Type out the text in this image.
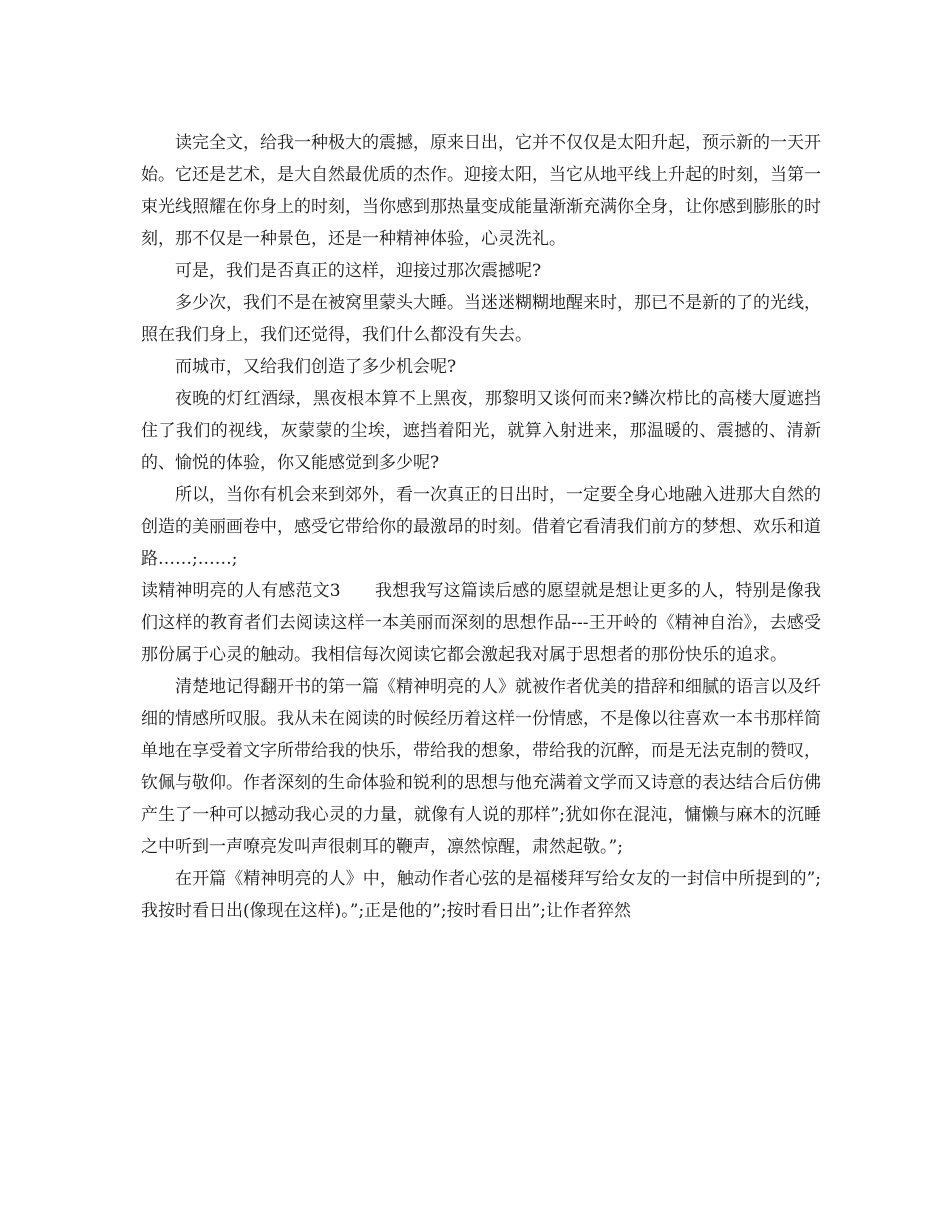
读完全文，给我一种极大的震撼，原来日出，它并不仅仅是太阳升起，预示新的一天开始。它还是艺术，是大自然最优质的杰作。迎接太阳，当它从地平线上升起的时刻，当第一束光线照耀在你身上的时刻，当你感到那热量变成能量渐渐充满你全身，让你感到膨胀的时刻，那不仅是一种景色，还是一种精神体验，心灵洗礼。

可是，我们是否真正的这样，迎接过那次震撼呢?

多少次，我们不是在被窝里蒙头大睡。当迷迷糊糊地醒来时，那已不是新的了的光线，照在我们身上，我们还觉得，我们什么都没有失去。

而城市，又给我们创造了多少机会呢?

夜晚的灯红酒绿，黑夜根本算不上黑夜，那黎明又谈何而来?鳞次栉比的高楼大厦遮挡住了我们的视线，灰蒙蒙的尘埃，遮挡着阳光，就算入射进来，那温暖的、震撼的、清新的、愉悦的体验，你又能感觉到多少呢?

所以，当你有机会来到郊外，看一次真正的日出时，一定要全身心地融入进那大自然的创造的美丽画卷中，感受它带给你的最激昂的时刻。借着它看清我们前方的梦想、欢乐和道路……;……;

读精神明亮的人有感范文3　　我想我写这篇读后感的愿望就是想让更多的人，特别是像我们这样的教育者们去阅读这样一本美丽而深刻的思想作品---王开岭的《精神自治》，去感受那份属于心灵的触动。我相信每次阅读它都会激起我对属于思想者的那份快乐的追求。

清楚地记得翻开书的第一篇《精神明亮的人》就被作者优美的措辞和细腻的语言以及纤细的情感所叹服。我从未在阅读的时候经历着这样一份情感，不是像以往喜欢一本书那样简单地在享受着文字所带给我的快乐，带给我的想象，带给我的沉醉，而是无法克制的赞叹，钦佩与敬仰。作者深刻的生命体验和锐利的思想与他充满着文学而又诗意的表达结合后仿佛产生了一种可以撼动我心灵的力量，就像有人说的那样”;犹如你在混沌，慵懒与麻木的沉睡之中听到一声嘹亮发叫声很刺耳的鞭声，凛然惊醒，肃然起敬。”;

在开篇《精神明亮的人》中，触动作者心弦的是福楼拜写给女友的一封信中所提到的”;我按时看日出(像现在这样)。”;正是他的”;按时看日出”;让作者猝然
